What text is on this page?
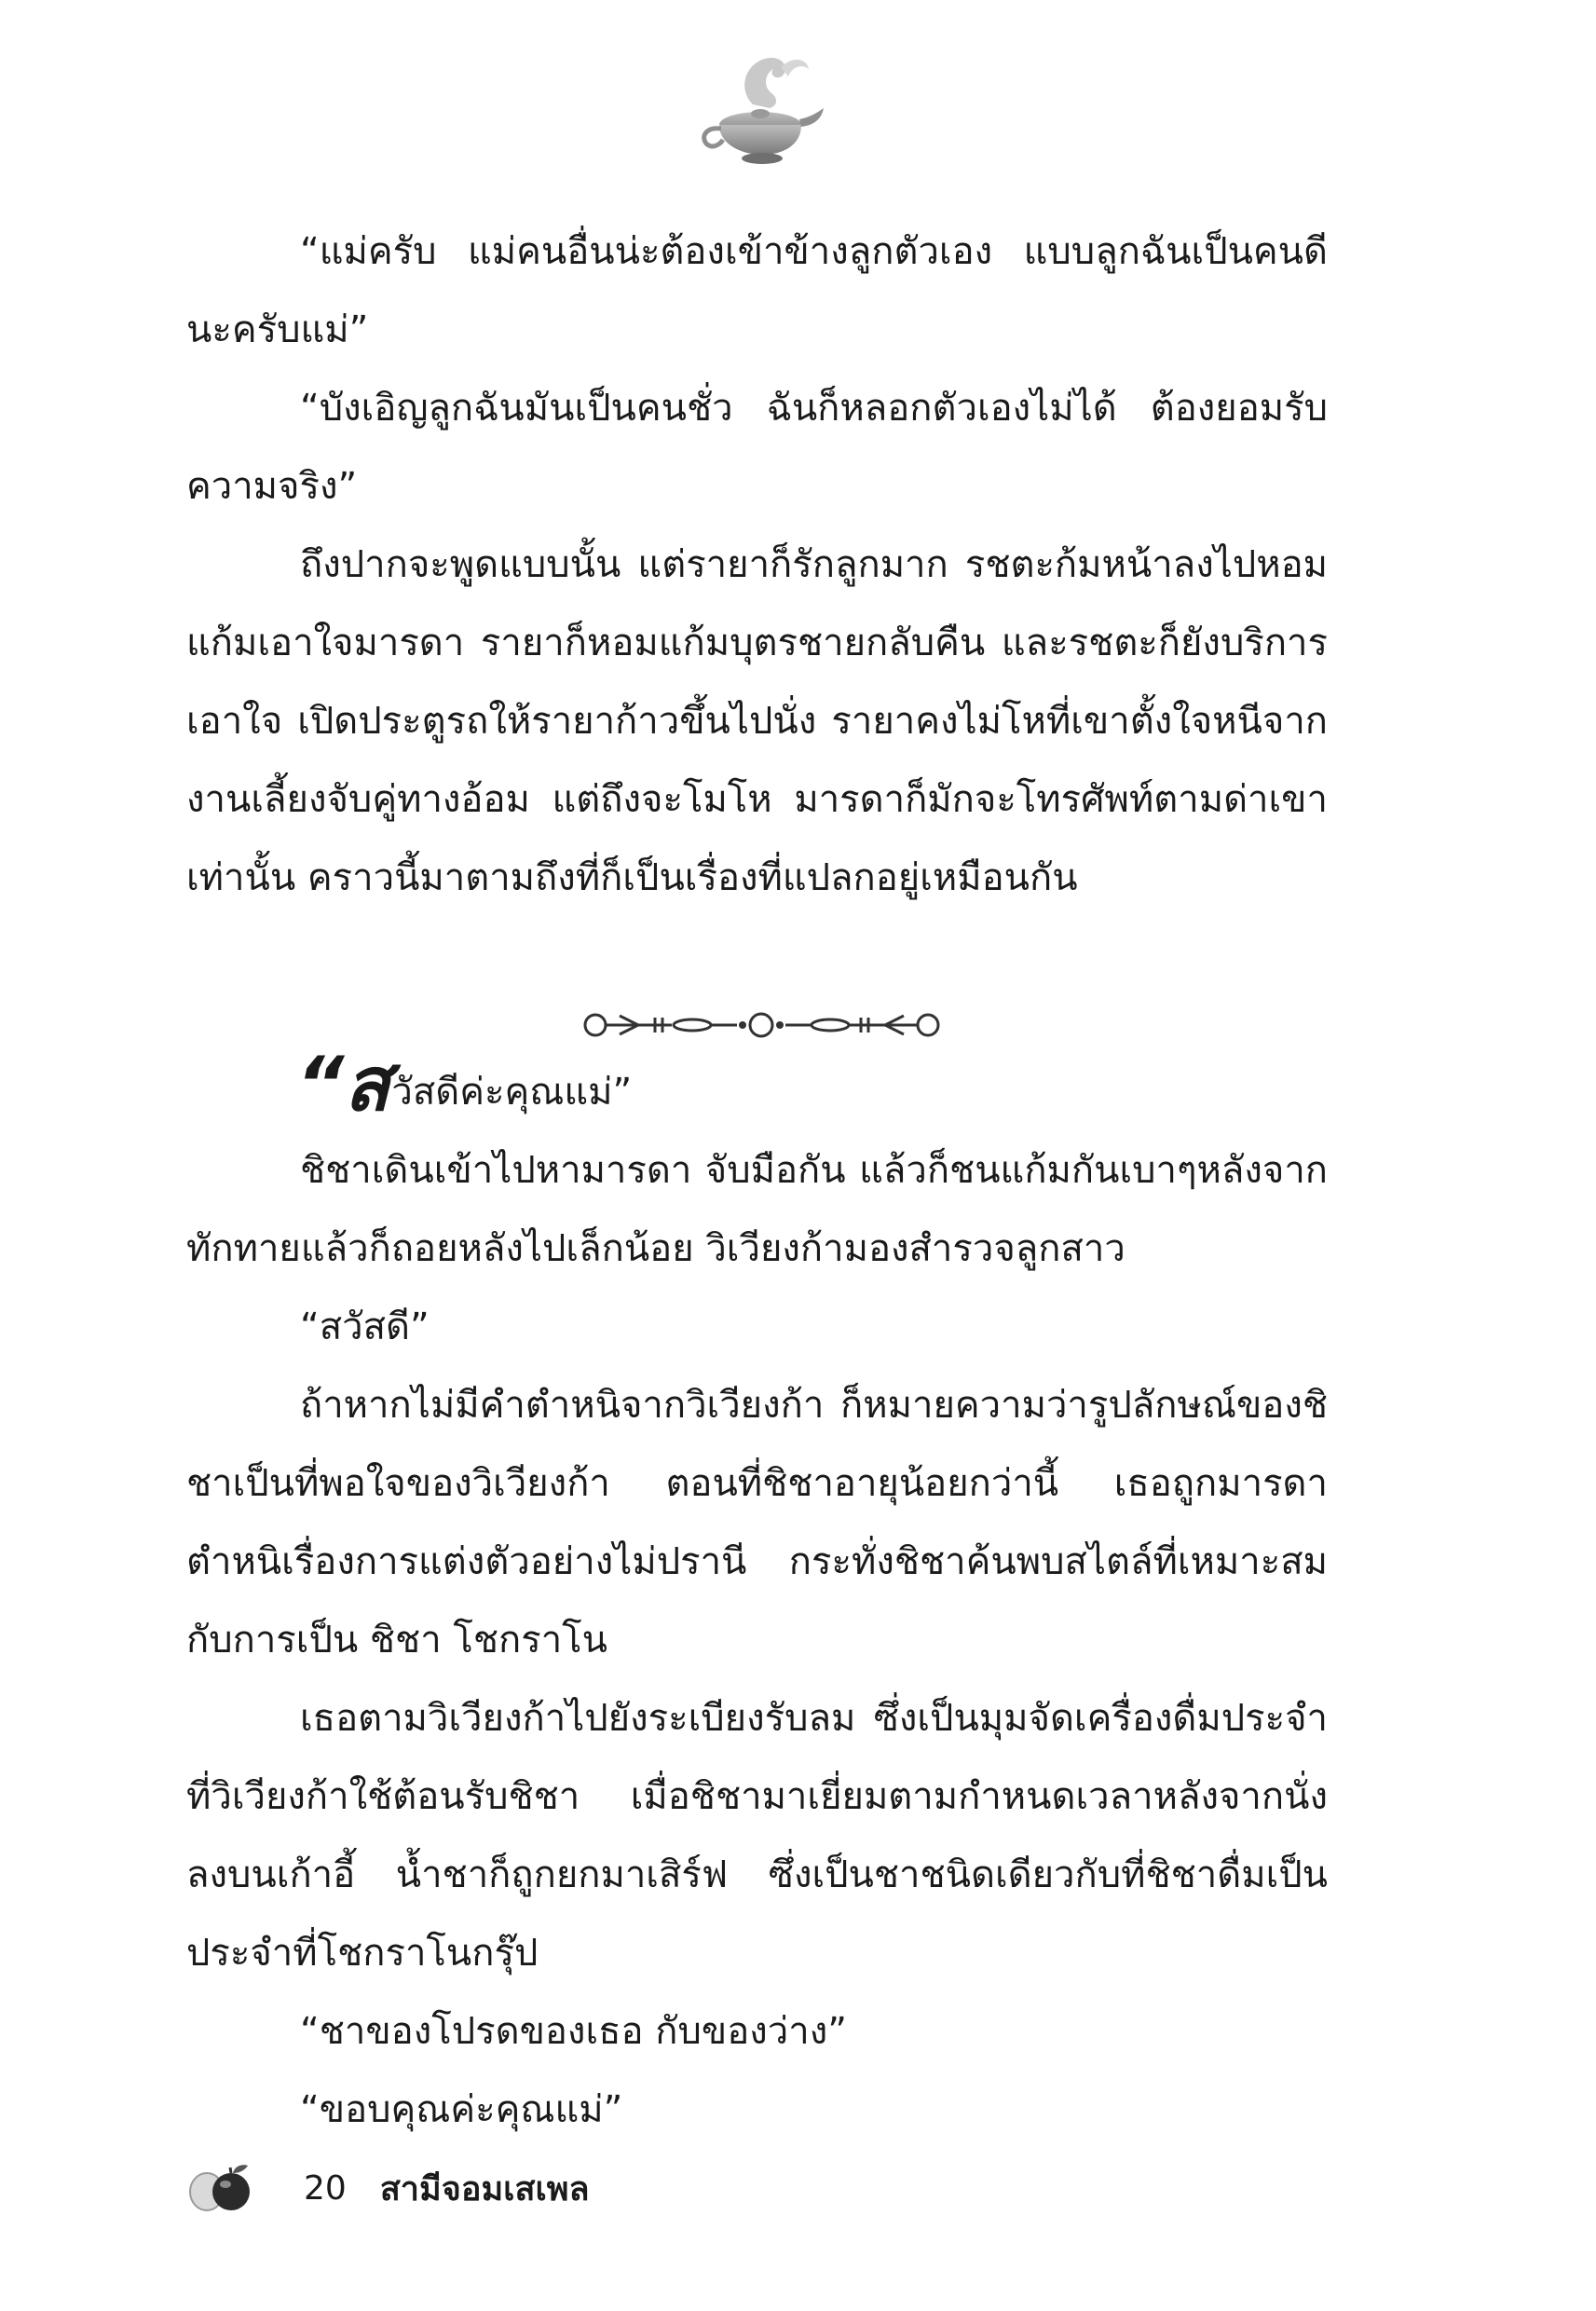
“แม่ครับ แม่คนอื่นน่ะต้องเข้าข้างลูกตัวเอง แบบลูกฉันเป็นคนดีนะครับแม่”

“บังเอิญลูกฉันมันเป็นคนชั่ว ฉันก็หลอกตัวเองไม่ได้ ต้องยอมรับความจริง”

ถึงปากจะพูดแบบนั้น แต่รายาก็รักลูกมาก รชตะก้มหน้าลงไปหอมแก้มเอาใจมารดา รายาก็หอมแก้มบุตรชายกลับคืน และรชตะก็ยังบริการเอาใจ เปิดประตูรถให้รายาก้าวขึ้นไปนั่ง รายาคงไม่โหที่เขาตั้งใจหนีจากงานเลี้ยงจับคู่ทางอ้อม แต่ถึงจะโมโห มารดาก็มักจะโทรศัพท์ตามด่าเขาเท่านั้น คราวนี้มาตามถึงที่ก็เป็นเรื่องที่แปลกอยู่เหมือนกัน

“สวัสดีค่ะคุณแม่”

ชิชาเดินเข้าไปหามารดา จับมือกัน แล้วก็ชนแก้มกันเบาๆหลังจากทักทายแล้วก็ถอยหลังไปเล็กน้อย วิเวียงก้ามองสำรวจลูกสาว

“สวัสดี”

ถ้าหากไม่มีคำตำหนิจากวิเวียงก้า ก็หมายความว่ารูปลักษณ์ของชิชาเป็นที่พอใจของวิเวียงก้า ตอนที่ชิชาอายุน้อยกว่านี้ เธอถูกมารดาตำหนิเรื่องการแต่งตัวอย่างไม่ปรานี กระทั่งชิชาค้นพบสไตล์ที่เหมาะสมกับการเป็น ชิชา โชกราโน

เธอตามวิเวียงก้าไปยังระเบียงรับลม ซึ่งเป็นมุมจัดเครื่องดื่มประจำที่วิเวียงก้าใช้ต้อนรับชิชา เมื่อชิชามาเยี่ยมตามกำหนดเวลาหลังจากนั่งลงบนเก้าอี้ น้ำชาก็ถูกยกมาเสิร์ฟ ซึ่งเป็นชาชนิดเดียวกับที่ชิชาดื่มเป็นประจำที่โชกราโนกรุ๊ป

“ชาของโปรดของเธอ กับของว่าง”

“ขอบคุณค่ะคุณแม่”

20 สามีจอมเสเพล
